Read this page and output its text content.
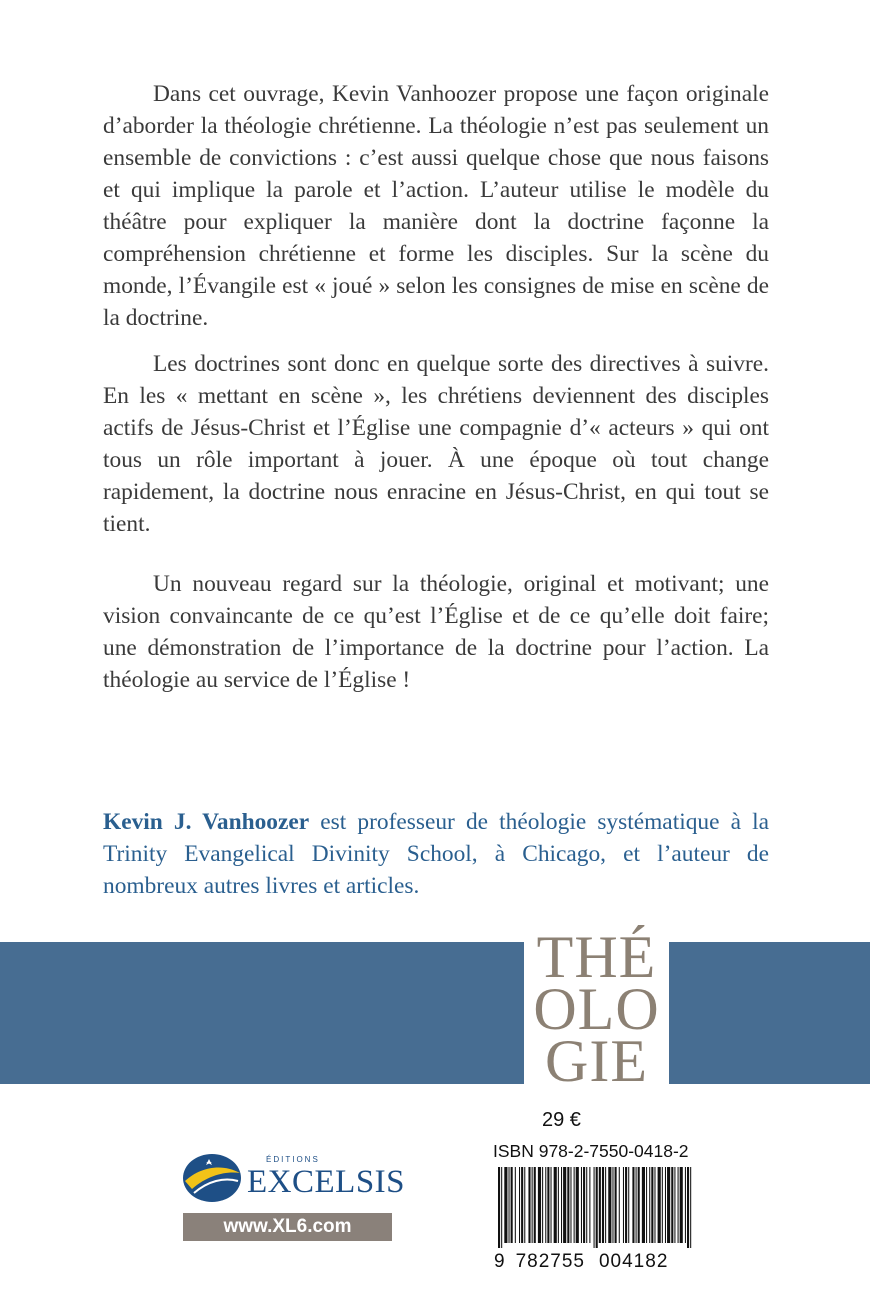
Dans cet ouvrage, Kevin Vanhoozer propose une façon originale d’aborder la théologie chrétienne. La théologie n’est pas seulement un ensemble de convictions : c’est aussi quelque chose que nous faisons et qui implique la parole et l’action. L’auteur utilise le modèle du théâtre pour expliquer la manière dont la doctrine façonne la compréhension chrétienne et forme les disciples. Sur la scène du monde, l’Évangile est « joué » selon les consignes de mise en scène de la doctrine.

Les doctrines sont donc en quelque sorte des directives à suivre. En les « mettant en scène », les chrétiens deviennent des disciples actifs de Jésus-Christ et l’Église une compagnie d’« acteurs » qui ont tous un rôle important à jouer. À une époque où tout change rapidement, la doctrine nous enracine en Jésus-Christ, en qui tout se tient.

Un nouveau regard sur la théologie, original et motivant; une vision convaincante de ce qu’est l’Église et de ce qu’elle doit faire; une démonstration de l’importance de la doctrine pour l’action. La théologie au service de l’Église !

Kevin J. Vanhoozer est professeur de théologie systématique à la Trinity Evangelical Divinity School, à Chicago, et l’auteur de nombreux autres livres et articles.
THÉ
OLO
GIE
ÉDITIONS
EXCELSIS
www.XL6.com
29 €
ISBN 978-2-7550-0418-2
9 782755 004182
